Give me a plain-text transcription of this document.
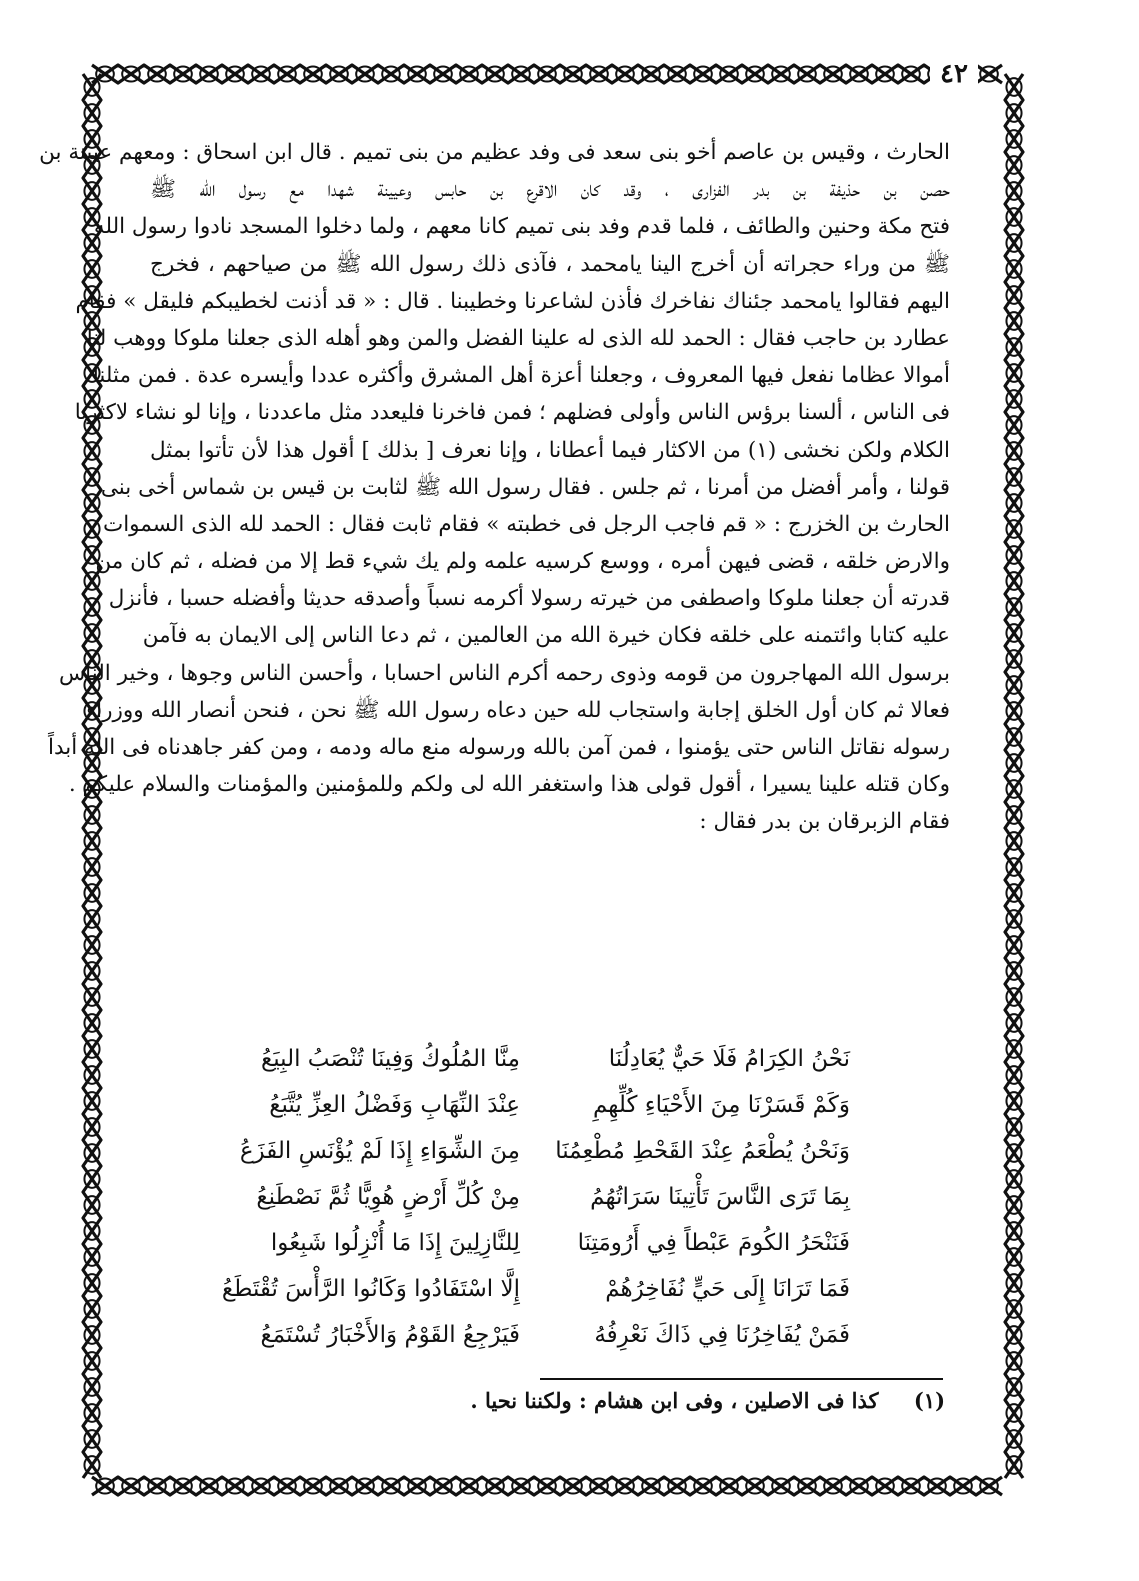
٤٢
الحارث ، وقيس بن عاصم أخو بنى سعد فى وفد عظيم من بنى تميم . قال ابن اسحاق : ومعهم عيينة بن
حصن بن حذيفة بن بدر الفزارى ، وقد كان الاقرع بن حابس وعيينة شهدا مع رسول الله ﷺ
فتح مكة وحنين والطائف ، فلما قدم وفد بنى تميم كانا معهم ، ولما دخلوا المسجد نادوا رسول الله
ﷺ من وراء حجراته أن أخرج الينا يامحمد ، فآذى ذلك رسول الله ﷺ من صياحهم ، فخرج
اليهم فقالوا يامحمد جئناك نفاخرك فأذن لشاعرنا وخطيبنا . قال : « قد أذنت لخطيبكم فليقل » فقام
عطارد بن حاجب فقال : الحمد لله الذى له علينا الفضل والمن وهو أهله الذى جعلنا ملوكا ووهب لنا
أموالا عظاما نفعل فيها المعروف ، وجعلنا أعزة أهل المشرق وأكثره عددا وأيسره عدة . فمن مثلنا
فى الناس ، ألسنا برؤس الناس وأولى فضلهم ؛ فمن فاخرنا فليعدد مثل ماعددنا ، وإنا لو نشاء لاكثرنا
الكلام ولكن نخشى (١) من الاكثار فيما أعطانا ، وإنا نعرف [ بذلك ] أقول هذا لأن تأتوا بمثل
قولنا ، وأمر أفضل من أمرنا ، ثم جلس . فقال رسول الله ﷺ لثابت بن قيس بن شماس أخى بنى
الحارث بن الخزرج : « قم فاجب الرجل فى خطبته » فقام ثابت فقال : الحمد لله الذى السموات
والارض خلقه ، قضى فيهن أمره ، ووسع كرسيه علمه ولم يك شيء قط إلا من فضله ، ثم كان من
قدرته أن جعلنا ملوكا واصطفى من خيرته رسولا أكرمه نسباً وأصدقه حديثا وأفضله حسبا ، فأنزل
عليه كتابا وائتمنه على خلقه فكان خيرة الله من العالمين ، ثم دعا الناس إلى الايمان به فآمن
برسول الله المهاجرون من قومه وذوى رحمه أكرم الناس احسابا ، وأحسن الناس وجوها ، وخير الناس
فعالا ثم كان أول الخلق إجابة واستجاب لله حين دعاه رسول الله ﷺ نحن ، فنحن أنصار الله ووزراء
رسوله نقاتل الناس حتى يؤمنوا ، فمن آمن بالله ورسوله منع ماله ودمه ، ومن كفر جاهدناه فى الله أبداً
وكان قتله علينا يسيرا ، أقول قولى هذا واستغفر الله لى ولكم وللمؤمنين والمؤمنات والسلام عليكم .
فقام الزبرقان بن بدر فقال :
نَحْنُ الكِرَامُ فَلَا حَيٌّ يُعَادِلُنَا
مِنَّا المُلُوكُ وَفِينَا تُنْصَبُ البِيَعُ
وَكَمْ قَسَرْنَا مِنَ الأَحْيَاءِ كُلِّهِمِ
عِنْدَ النِّهَابِ وَفَضْلُ العِزِّ يُتَّبَعُ
وَنَحْنُ يُطْعَمُ عِنْدَ القَحْطِ مُطْعِمُنَا
مِنَ الشِّوَاءِ إِذَا لَمْ يُؤْنَسِ الفَزَعُ
بِمَا تَرَى النَّاسَ تَأْتِينَا سَرَاتُهُمُ
مِنْ كُلِّ أَرْضٍ هُوِيًّا ثُمَّ نَصْطَنِعُ
فَنَنْحَرُ الكُومَ عَبْطاً فِي أَرُومَتِنَا
لِلنَّازِلِينَ إِذَا مَا أُنْزِلُوا شَبِعُوا
فَمَا تَرَانَا إِلَى حَيٍّ نُفَاخِرُهُمْ
إِلَّا اسْتَفَادُوا وَكَانُوا الرَّأْسَ تُقْتَطَعُ
فَمَنْ يُفَاخِرُنَا فِي ذَاكَ نَعْرِفُهُ
فَيَرْجِعُ القَوْمُ وَالأَخْبَارُ تُسْتَمَعُ
(١) كذا فى الاصلين ، وفى ابن هشام : ولكننا نحيا .
